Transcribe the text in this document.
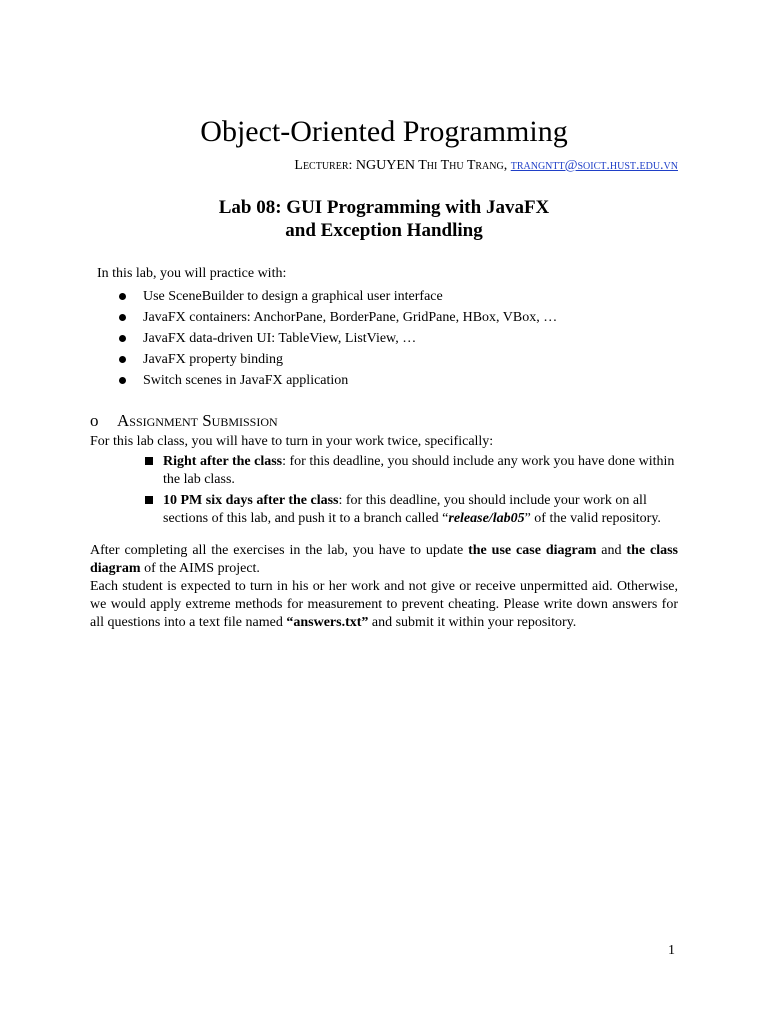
Object-Oriented Programming
Lecturer: NGUYEN Thi Thu Trang, trangntt@soict.hust.edu.vn
Lab 08: GUI Programming with JavaFX
and Exception Handling
In this lab, you will practice with:
Use SceneBuilder to design a graphical user interface
JavaFX containers: AnchorPane, BorderPane, GridPane, HBox, VBox, …
JavaFX data-driven UI: TableView, ListView, …
JavaFX property binding
Switch scenes in JavaFX application
o Assignment Submission
For this lab class, you will have to turn in your work twice, specifically:
Right after the class: for this deadline, you should include any work you have done within the lab class.
10 PM six days after the class: for this deadline, you should include your work on all sections of this lab, and push it to a branch called “release/lab05” of the valid repository.
After completing all the exercises in the lab, you have to update the use case diagram and the class diagram of the AIMS project.
Each student is expected to turn in his or her work and not give or receive unpermitted aid. Otherwise, we would apply extreme methods for measurement to prevent cheating. Please write down answers for all questions into a text file named “answers.txt” and submit it within your repository.
1
